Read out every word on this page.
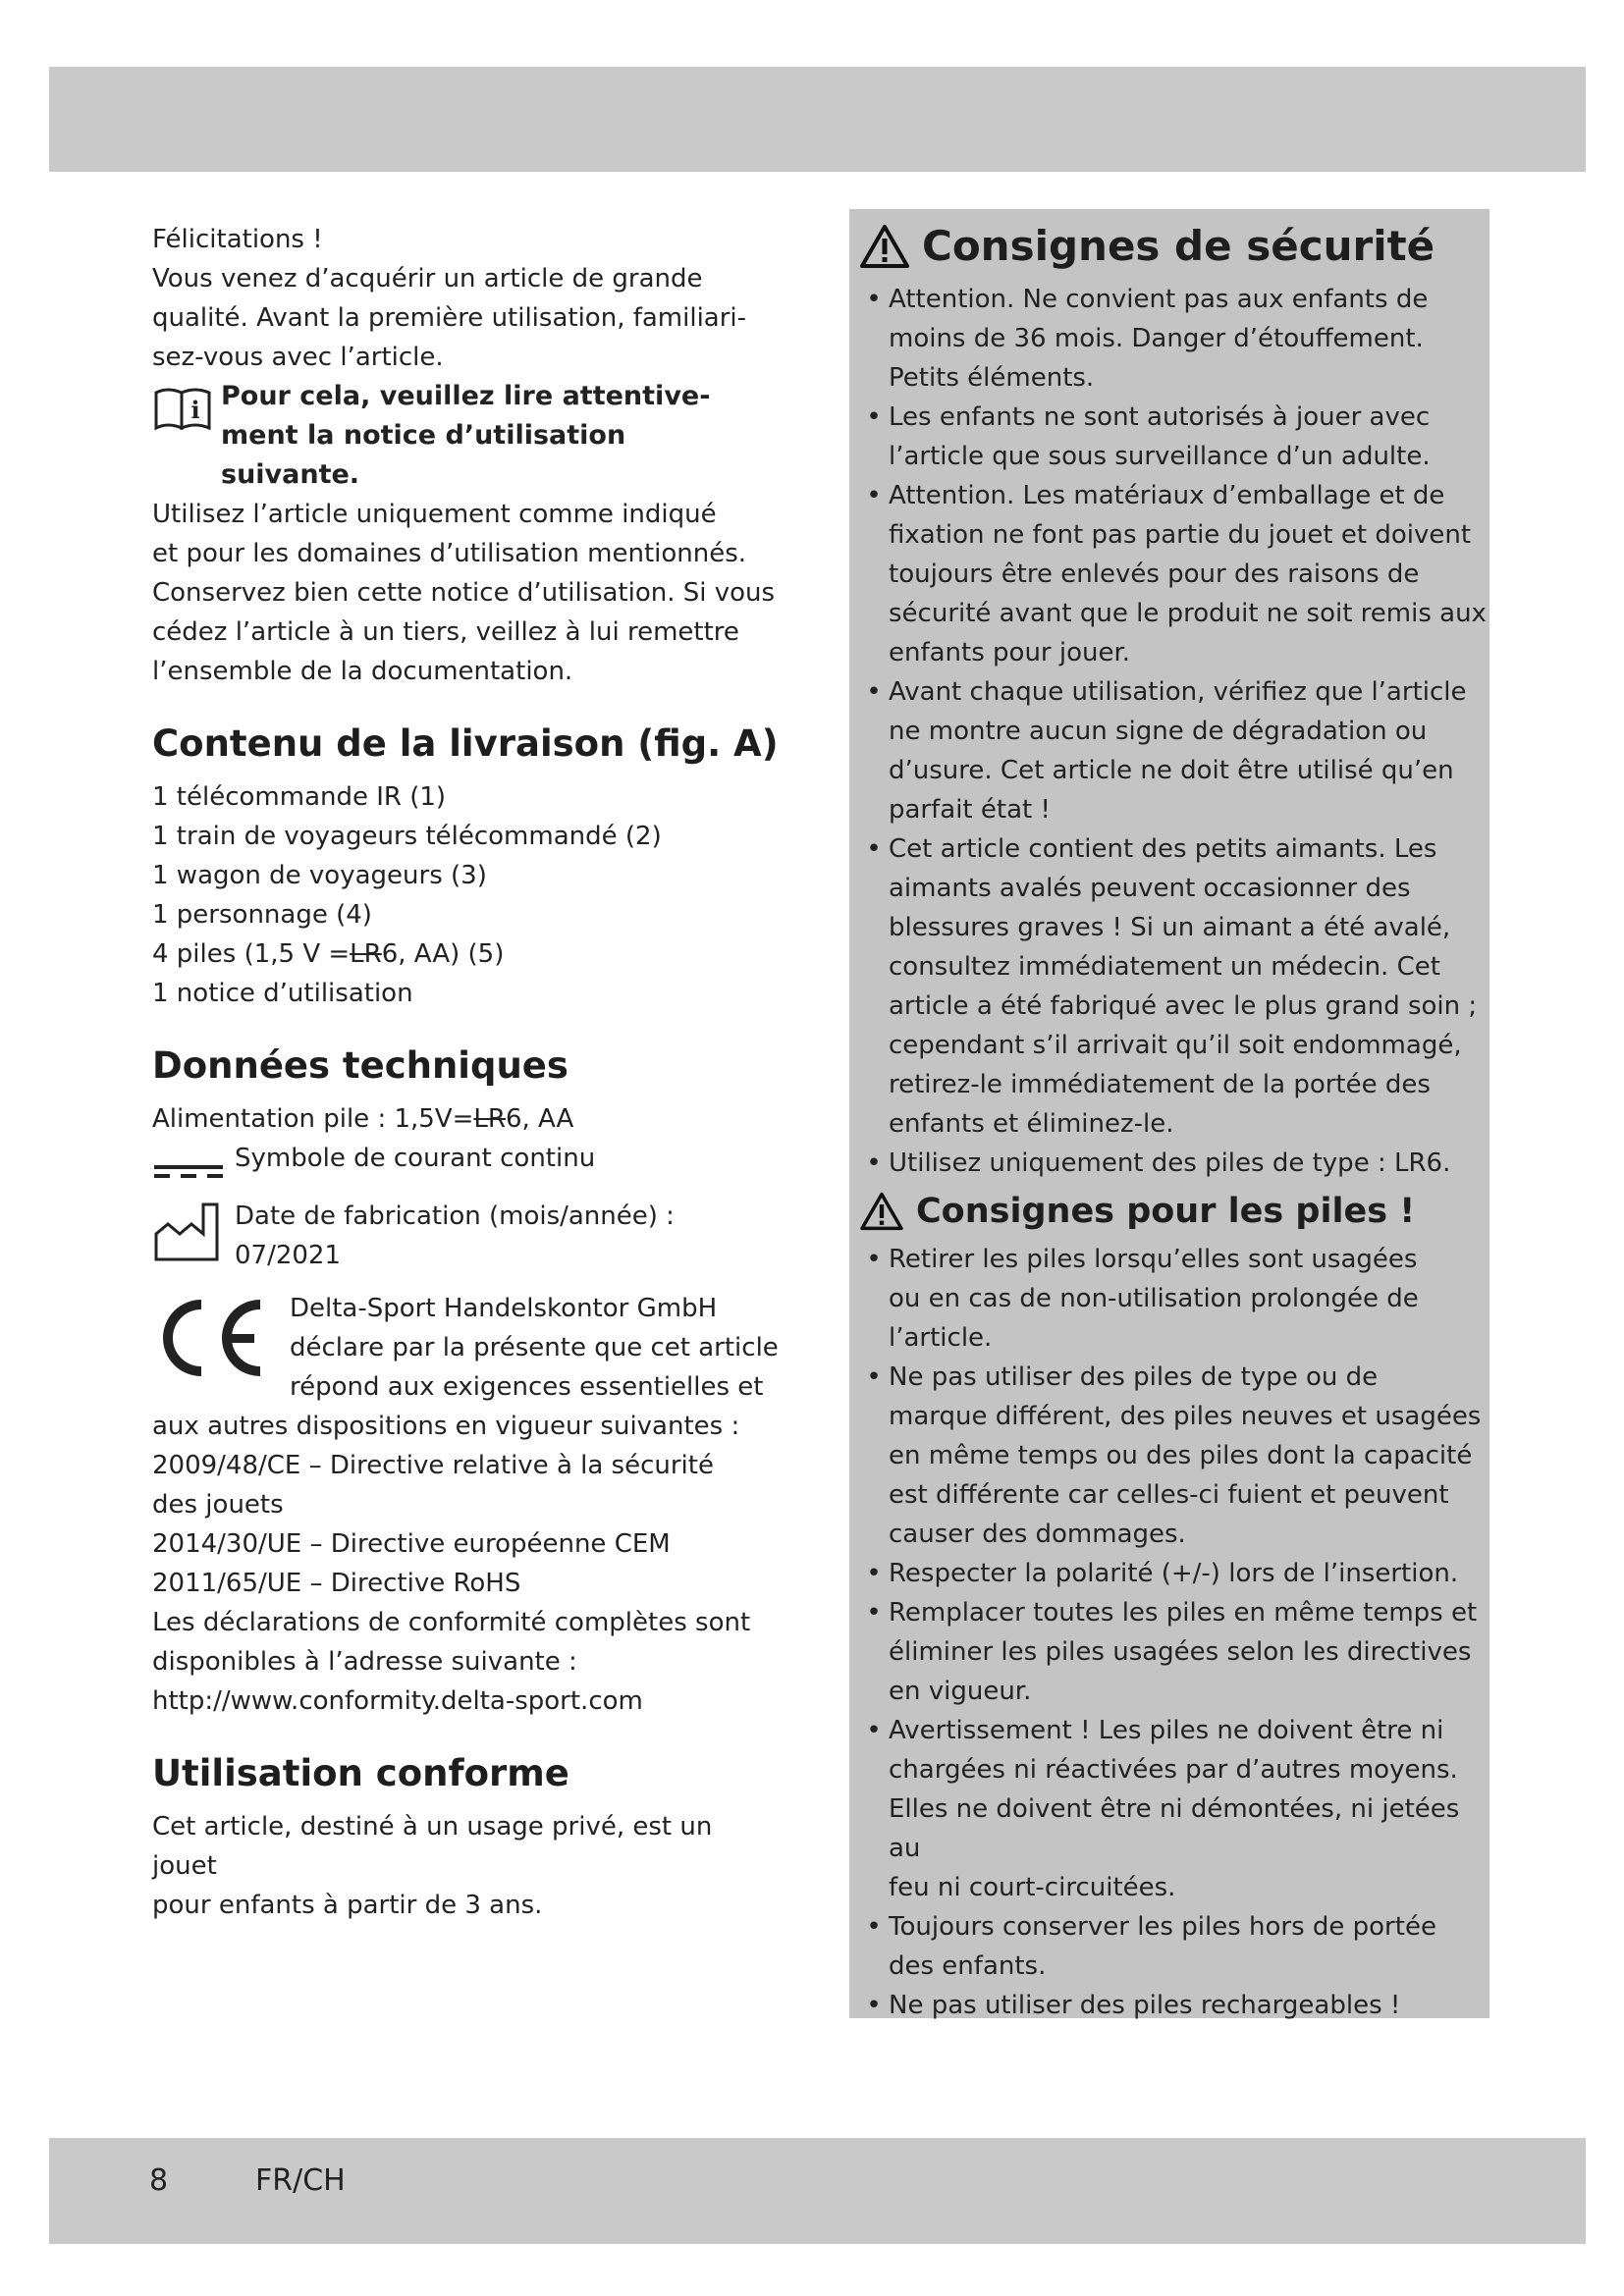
Félicitations !
Vous venez d’acquérir un article de grande
qualité. Avant la première utilisation, familiari-
sez-vous avec l’article.
i Pour cela, veuillez lire attentive-
ment la notice d’utilisation
suivante.
Utilisez l’article uniquement comme indiqué
et pour les domaines d’utilisation mentionnés.
Conservez bien cette notice d’utilisation. Si vous
cédez l’article à un tiers, veillez à lui remettre
l’ensemble de la documentation.
Contenu de la livraison (fig. A)
1 télécommande IR (1)
1 train de voyageurs télécommandé (2)
1 wagon de voyageurs (3)
1 personnage (4)
4 piles (1,5 V =LR6, AA) (5)
1 notice d’utilisation
Données techniques
Alimentation pile : 1,5V=LR6, AA
Symbole de courant continu
Date de fabrication (mois/année) :
07/2021
Delta-Sport Handelskontor GmbH
déclare par la présente que cet article
répond aux exigences essentielles et
aux autres dispositions en vigueur suivantes :
2009/48/CE – Directive relative à la sécurité
des jouets
2014/30/UE – Directive européenne CEM
2011/65/UE – Directive RoHS
Les déclarations de conformité complètes sont
disponibles à l’adresse suivante :
http://www.conformity.delta-sport.com
Utilisation conforme
Cet article, destiné à un usage privé, est un jouet
pour enfants à partir de 3 ans.
Consignes de sécurité
• Attention. Ne convient pas aux enfants de
moins de 36 mois. Danger d’étouffement.
Petits éléments.
• Les enfants ne sont autorisés à jouer avec
l’article que sous surveillance d’un adulte.
• Attention. Les matériaux d’emballage et de
fixation ne font pas partie du jouet et doivent
toujours être enlevés pour des raisons de
sécurité avant que le produit ne soit remis aux
enfants pour jouer.
• Avant chaque utilisation, vérifiez que l’article
ne montre aucun signe de dégradation ou
d’usure. Cet article ne doit être utilisé qu’en
parfait état !
• Cet article contient des petits aimants. Les
aimants avalés peuvent occasionner des
blessures graves ! Si un aimant a été avalé,
consultez immédiatement un médecin. Cet
article a été fabriqué avec le plus grand soin ;
cependant s’il arrivait qu’il soit endommagé,
retirez-le immédiatement de la portée des
enfants et éliminez-le.
• Utilisez uniquement des piles de type : LR6.
Consignes pour les piles !
• Retirer les piles lorsqu’elles sont usagées
ou en cas de non-utilisation prolongée de
l’article.
• Ne pas utiliser des piles de type ou de
marque différent, des piles neuves et usagées
en même temps ou des piles dont la capacité
est différente car celles-ci fuient et peuvent
causer des dommages.
• Respecter la polarité (+/-) lors de l’insertion.
• Remplacer toutes les piles en même temps et
éliminer les piles usagées selon les directives
en vigueur.
• Avertissement ! Les piles ne doivent être ni
chargées ni réactivées par d’autres moyens.
Elles ne doivent être ni démontées, ni jetées au
feu ni court-circuitées.
• Toujours conserver les piles hors de portée
des enfants.
• Ne pas utiliser des piles rechargeables !
8	FR/CH
